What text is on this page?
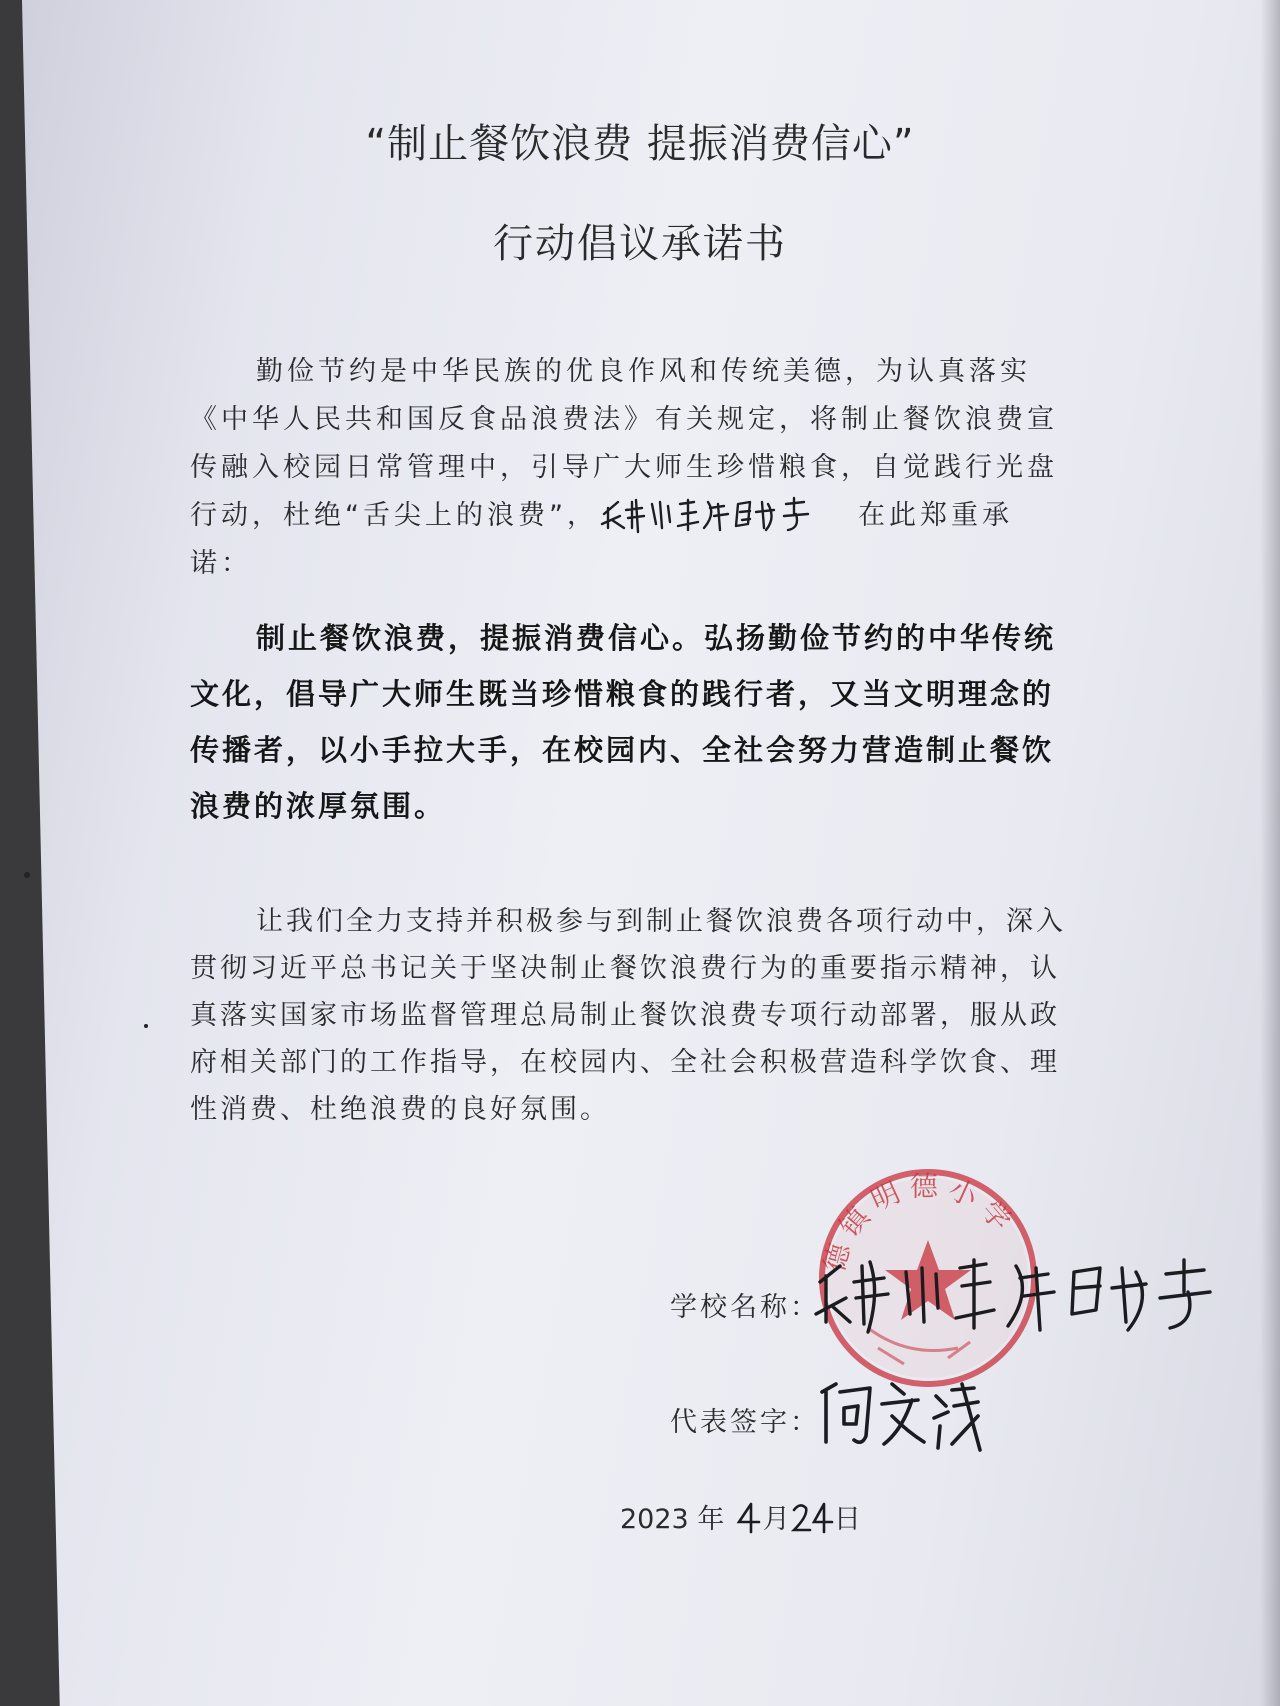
“制止餐饮浪费 提振消费信心”
行动倡议承诺书
勤俭节约是中华民族的优良作风和传统美德，为认真落实《中华人民共和国反食品浪费法》有关规定，将制止餐饮浪费宣传融入校园日常管理中，引导广大师生珍惜粮食，自觉践行光盘行动，杜绝“舌尖上的浪费”，	在此郑重承诺：
制止餐饮浪费，提振消费信心。弘扬勤俭节约的中华传统文化，倡导广大师生既当珍惜粮食的践行者，又当文明理念的传播者，以小手拉大手，在校园内、全社会努力营造制止餐饮浪费的浓厚氛围。
让我们全力支持并积极参与到制止餐饮浪费各项行动中，深入贯彻习近平总书记关于坚决制止餐饮浪费行为的重要指示精神，认真落实国家市场监督管理总局制止餐饮浪费专项行动部署，服从政府相关部门的工作指导，在校园内、全社会积极营造科学饮食、理性消费、杜绝浪费的良好氛围。
德镇明德小学
学校名称：
代表签字：
2023 年 月 日
